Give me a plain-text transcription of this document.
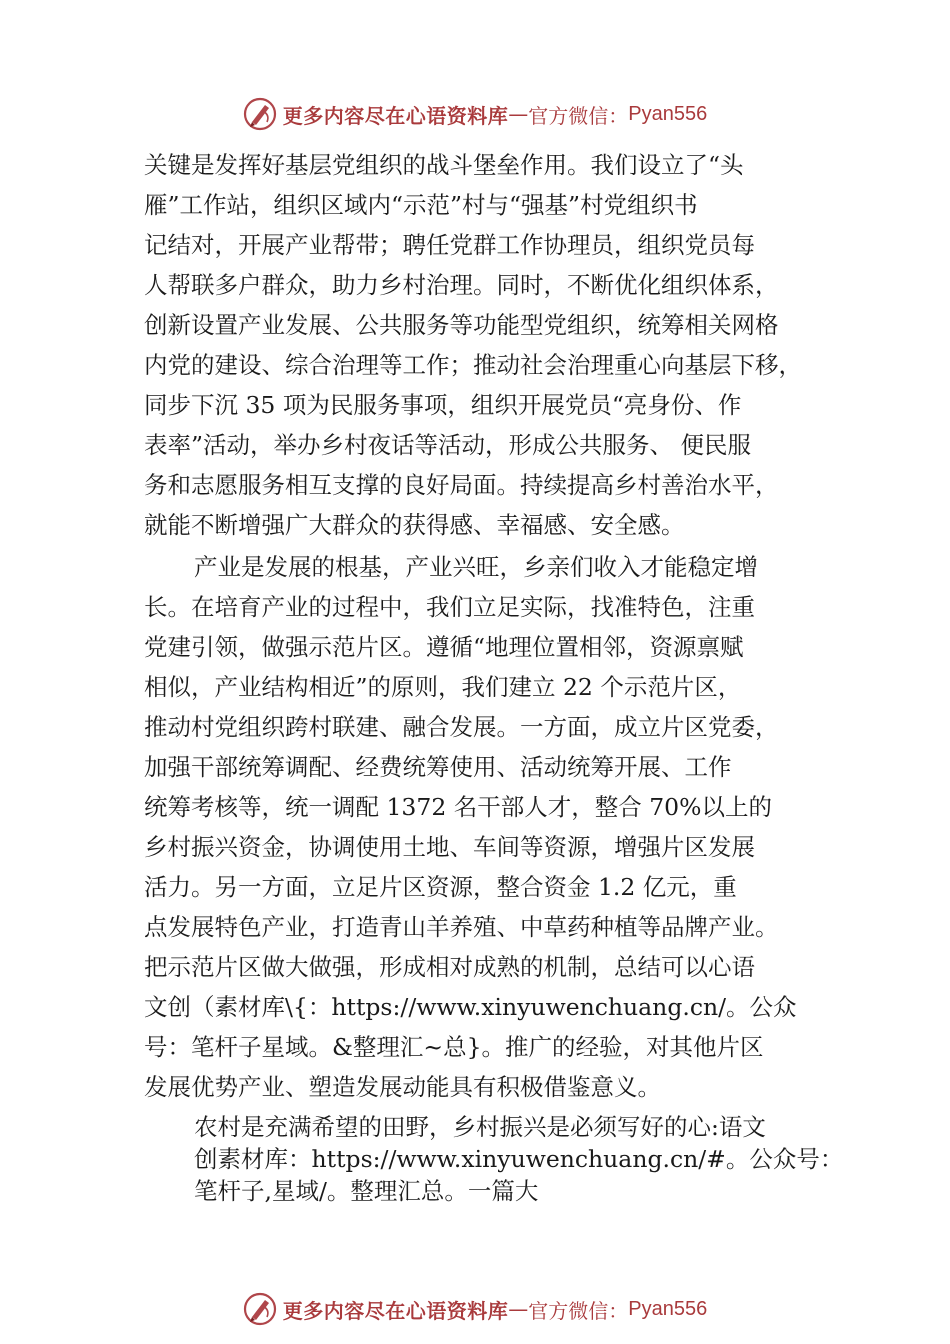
更多内容尽在心语资料库 — 官方微信： Pyan556
关键是发挥好基层党组织的战斗堡垒作用。我们设立了“头
雁”工作站，组织区域内“示范”村与“强基”村党组织书
记结对，开展产业帮带；聘任党群工作协理员，组织党员每
人帮联多户群众，助力乡村治理。同时，不断优化组织体系，
创新设置产业发展、公共服务等功能型党组织，统筹相关网格
内党的建设、综合治理等工作；推动社会治理重心向基层下移，
同步下沉 35 项为民服务事项，组织开展党员“亮身份、作
表率”活动，举办乡村夜话等活动，形成公共服务、 便民服
务和志愿服务相互支撑的良好局面。持续提高乡村善治水平，
就能不断增强广大群众的获得感、幸福感、安全感。
产业是发展的根基，产业兴旺，乡亲们收入才能稳定增
长。在培育产业的过程中，我们立足实际，找准特色，注重
党建引领，做强示范片区。遵循“地理位置相邻，资源禀赋
相似，产业结构相近”的原则，我们建立 22 个示范片区，
推动村党组织跨村联建、融合发展。一方面，成立片区党委，
加强干部统筹调配、经费统筹使用、活动统筹开展、工作
统筹考核等，统一调配 1372 名干部人才，整合 70%以上的
乡村振兴资金，协调使用土地、车间等资源，增强片区发展
活力。另一方面，立足片区资源，整合资金 1.2 亿元，重
点发展特色产业，打造青山羊养殖、中草药种植等品牌产业。
把示范片区做大做强，形成相对成熟的机制，总结可以心语
文创（素材库\{：https://www.xinyuwenchuang.cn/。公众
号：笔杆子星域。&整理汇~总}。推广的经验，对其他片区
发展优势产业、塑造发展动能具有积极借鉴意义。
农村是充满希望的田野，乡村振兴是必须写好的心:语文
创素材库：https://www.xinyuwenchuang.cn/#。公众号：
笔杆子,星域/。整理汇总。一篇大
更多内容尽在心语资料库 — 官方微信： Pyan556
